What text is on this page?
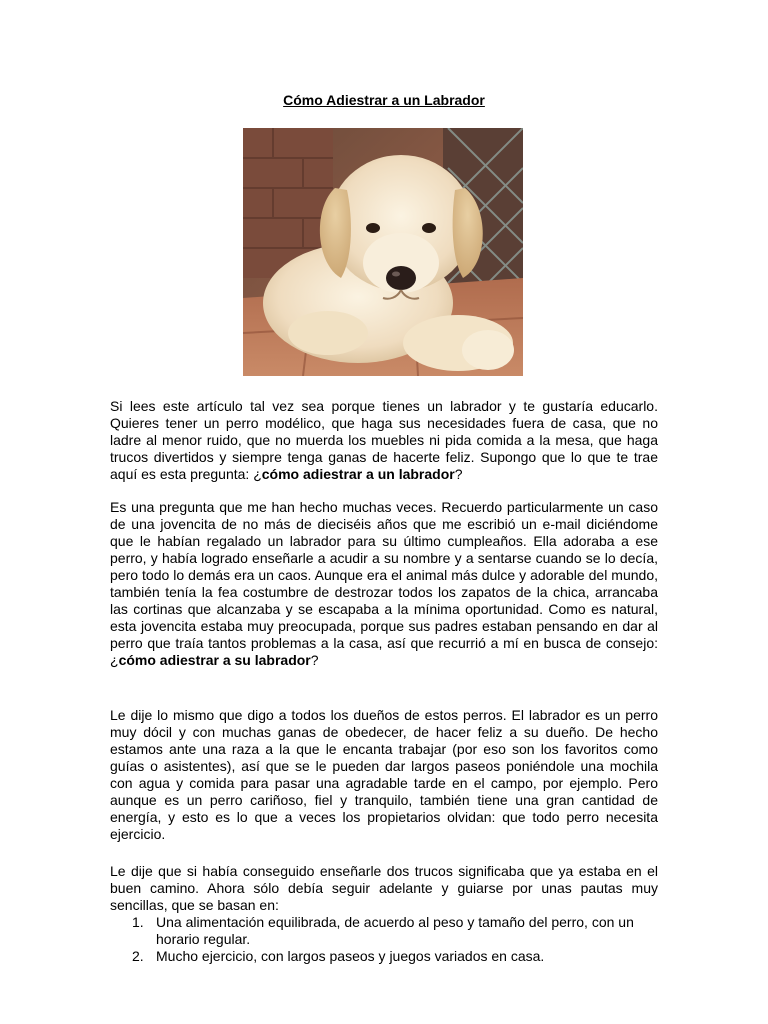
Cómo Adiestrar a un Labrador

Si lees este artículo tal vez sea porque tienes un labrador y te gustaría educarlo. Quieres tener un perro modélico, que haga sus necesidades fuera de casa, que no ladre al menor ruido, que no muerda los muebles ni pida comida a la mesa, que haga trucos divertidos y siempre tenga ganas de hacerte feliz. Supongo que lo que te trae aquí es esta pregunta: ¿cómo adiestrar a un labrador?

Es una pregunta que me han hecho muchas veces. Recuerdo particularmente un caso de una jovencita de no más de dieciséis años que me escribió un e-mail diciéndome que le habían regalado un labrador para su último cumpleaños. Ella adoraba a ese perro, y había logrado enseñarle a acudir a su nombre y a sentarse cuando se lo decía, pero todo lo demás era un caos. Aunque era el animal más dulce y adorable del mundo, también tenía la fea costumbre de destrozar todos los zapatos de la chica, arrancaba las cortinas que alcanzaba y se escapaba a la mínima oportunidad. Como es natural, esta jovencita estaba muy preocupada, porque sus padres estaban pensando en dar al perro que traía tantos problemas a la casa, así que recurrió a mí en busca de consejo: ¿cómo adiestrar a su labrador?

Le dije lo mismo que digo a todos los dueños de estos perros. El labrador es un perro muy dócil y con muchas ganas de obedecer, de hacer feliz a su dueño. De hecho estamos ante una raza a la que le encanta trabajar (por eso son los favoritos como guías o asistentes), así que se le pueden dar largos paseos poniéndole una mochila con agua y comida para pasar una agradable tarde en el campo, por ejemplo. Pero aunque es un perro cariñoso, fiel y tranquilo, también tiene una gran cantidad de energía, y esto es lo que a veces los propietarios olvidan: que todo perro necesita ejercicio.

Le dije que si había conseguido enseñarle dos trucos significaba que ya estaba en el buen camino. Ahora sólo debía seguir adelante y guiarse por unas pautas muy sencillas, que se basan en:

1. Una alimentación equilibrada, de acuerdo al peso y tamaño del perro, con un horario regular.
2. Mucho ejercicio, con largos paseos y juegos variados en casa.
